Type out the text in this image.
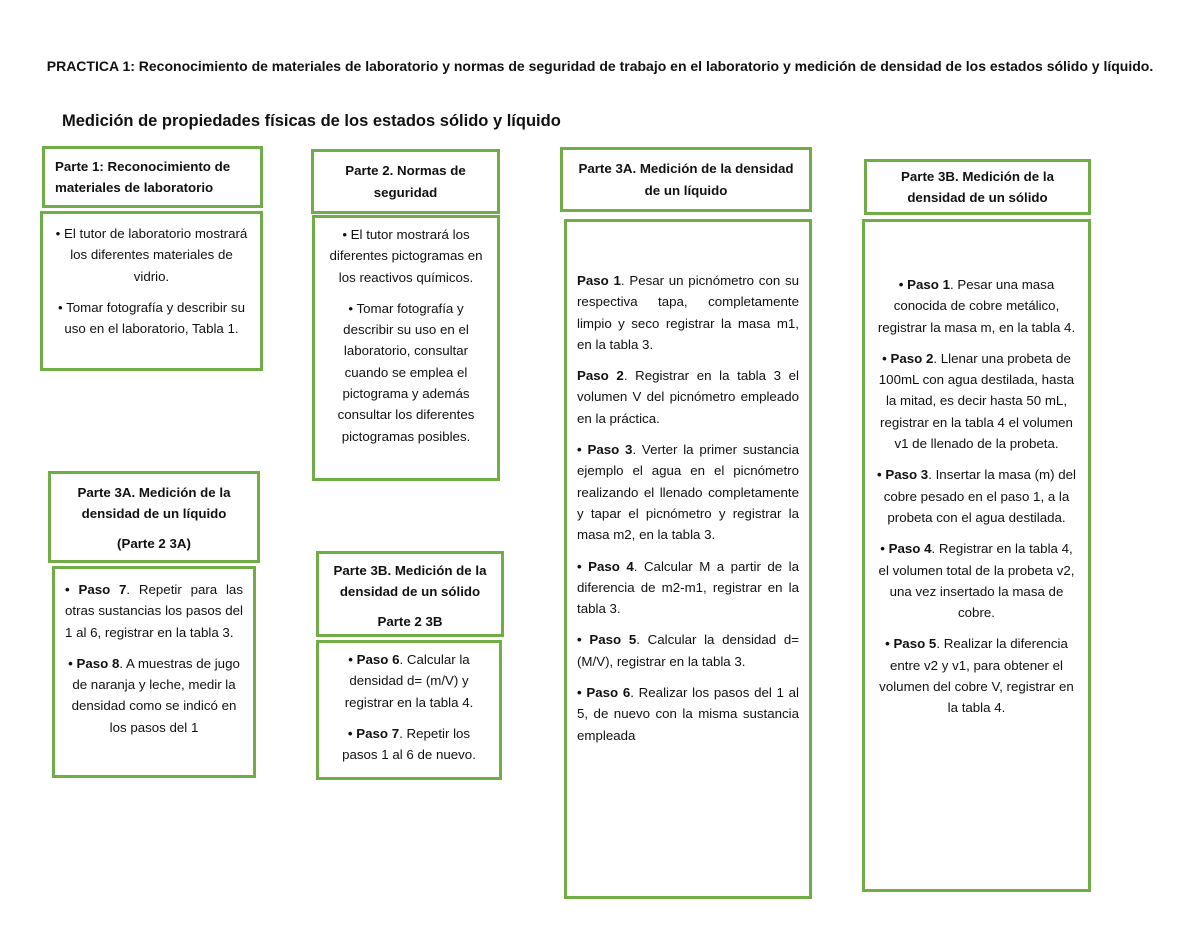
PRACTICA 1: Reconocimiento de materiales de laboratorio y normas de seguridad de trabajo en el laboratorio y medición de densidad de los estados sólido y líquido.
Medición de propiedades físicas de los estados sólido y líquido
Parte 1: Reconocimiento de materiales de laboratorio

• El tutor de laboratorio mostrará los diferentes materiales de vidrio.

• Tomar fotografía y describir su uso en el laboratorio, Tabla 1.

Parte 2. Normas de seguridad

• El tutor mostrará los diferentes pictogramas en los reactivos químicos.

• Tomar fotografía y describir su uso en el laboratorio, consultar cuando se emplea el pictograma y además consultar los diferentes pictogramas posibles.

Parte 3A. Medición de la densidad de un líquido

Paso 1. Pesar un picnómetro con su respectiva tapa, completamente limpio y seco registrar la masa m1, en la tabla 3.

Paso 2. Registrar en la tabla 3 el volumen V del picnómetro empleado en la práctica.

• Paso 3. Verter la primer sustancia ejemplo el agua en el picnómetro realizando el llenado completamente y tapar el picnómetro y registrar la masa m2, en la tabla 3.

• Paso 4. Calcular M a partir de la diferencia de m2-m1, registrar en la tabla 3.

• Paso 5. Calcular la densidad d=(M/V), registrar en la tabla 3.

• Paso 6. Realizar los pasos del 1 al 5, de nuevo con la misma sustancia empleada

Parte 3B. Medición de la densidad de un sólido

• Paso 1. Pesar una masa conocida de cobre metálico, registrar la masa m, en la tabla 4.

• Paso 2. Llenar una probeta de 100mL con agua destilada, hasta la mitad, es decir hasta 50 mL, registrar en la tabla 4 el volumen v1 de llenado de la probeta.

• Paso 3. Insertar la masa (m) del cobre pesado en el paso 1, a la probeta con el agua destilada.

• Paso 4. Registrar en la tabla 4, el volumen total de la probeta v2, una vez insertado la masa de cobre.

• Paso 5. Realizar la diferencia entre v2 y v1, para obtener el volumen del cobre V, registrar en la tabla 4.

Parte 3A. Medición de la densidad de un líquido
(Parte 2 3A)

• Paso 7. Repetir para las otras sustancias los pasos del 1 al 6, registrar en la tabla 3.

• Paso 8. A muestras de jugo de naranja y leche, medir la densidad como se indicó en los pasos del 1

Parte 3B. Medición de la densidad de un sólido
Parte 2 3B

• Paso 6. Calcular la densidad d= (m/V) y registrar en la tabla 4.

• Paso 7. Repetir los pasos 1 al 6 de nuevo.
